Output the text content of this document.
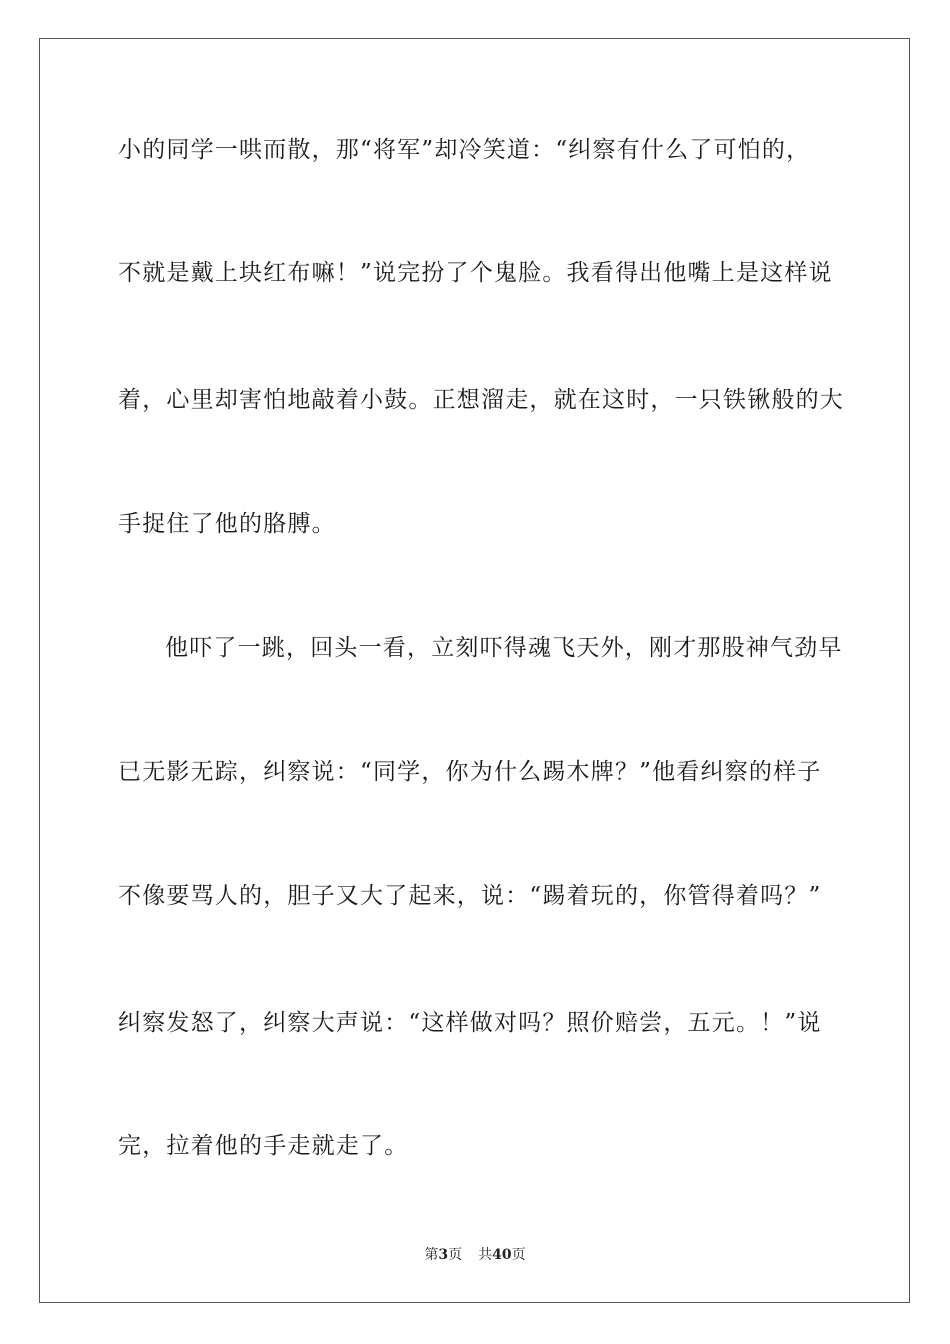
小的同学一哄而散，那“将军”却冷笑道：“纠察有什么了可怕的，
不就是戴上块红布嘛！”说完扮了个鬼脸。我看得出他嘴上是这样说
着，心里却害怕地敲着小鼓。正想溜走，就在这时，一只铁锹般的大
手捉住了他的胳膊。
他吓了一跳，回头一看，立刻吓得魂飞天外，刚才那股神气劲早
已无影无踪，纠察说：“同学，你为什么踢木牌？”他看纠察的样子
不像要骂人的，胆子又大了起来，说：“踢着玩的，你管得着吗？”
纠察发怒了，纠察大声说：“这样做对吗？照价赔尝，五元。！”说
完，拉着他的手走就走了。
第3页 共40页
